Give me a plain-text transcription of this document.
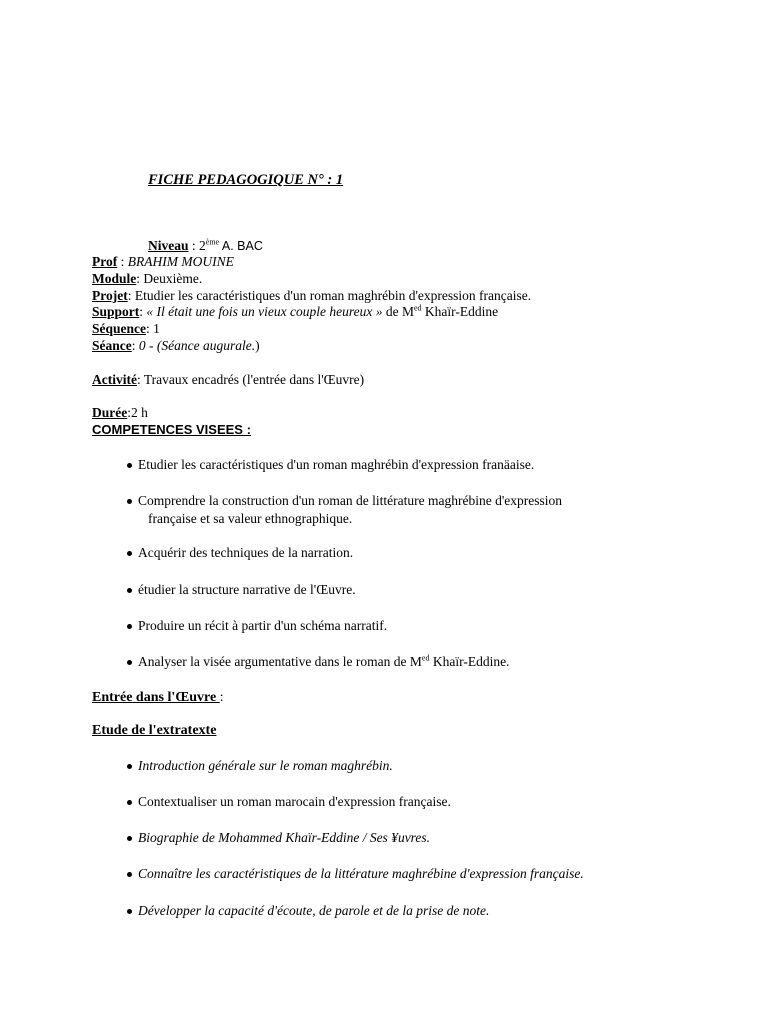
FICHE PEDAGOGIQUE N° : 1
Niveau : 2ème A. BAC
Prof : BRAHIM MOUINE
Module: Deuxième.
Projet: Etudier les caractéristiques d'un roman maghrébin d'expression française.
Support: « Il était une fois un vieux couple heureux » de $M^{ed}$ Khaïr-Eddine
Séquence: 1
Séance: 0 - (Séance augurale.)
Activité: Travaux encadrés (l'entrée dans l'Œuvre)
Durée:2 h
COMPETENCES VISEES :
Etudier les caractéristiques d'un roman maghrébin d'expression franäaise.
Comprendre la construction d'un roman de littérature maghrébine d'expression
française et sa valeur ethnographique.
Acquérir des techniques de la narration.
étudier la structure narrative de l'Œuvre.
Produire un récit à partir d'un schéma narratif.
Analyser la visée argumentative dans le roman de $M^{ed}$ Khaïr-Eddine.
Entrée dans l'Œuvre :
Etude de l'extratexte
Introduction générale sur le roman maghrébin.
Contextualiser un roman marocain d'expression française.
Biographie de Mohammed Khaïr-Eddine / Ses ¥uvres.
Connaître les caractéristiques de la littérature maghrébine d'expression française.
Développer la capacité d'écoute, de parole et de la prise de note.
